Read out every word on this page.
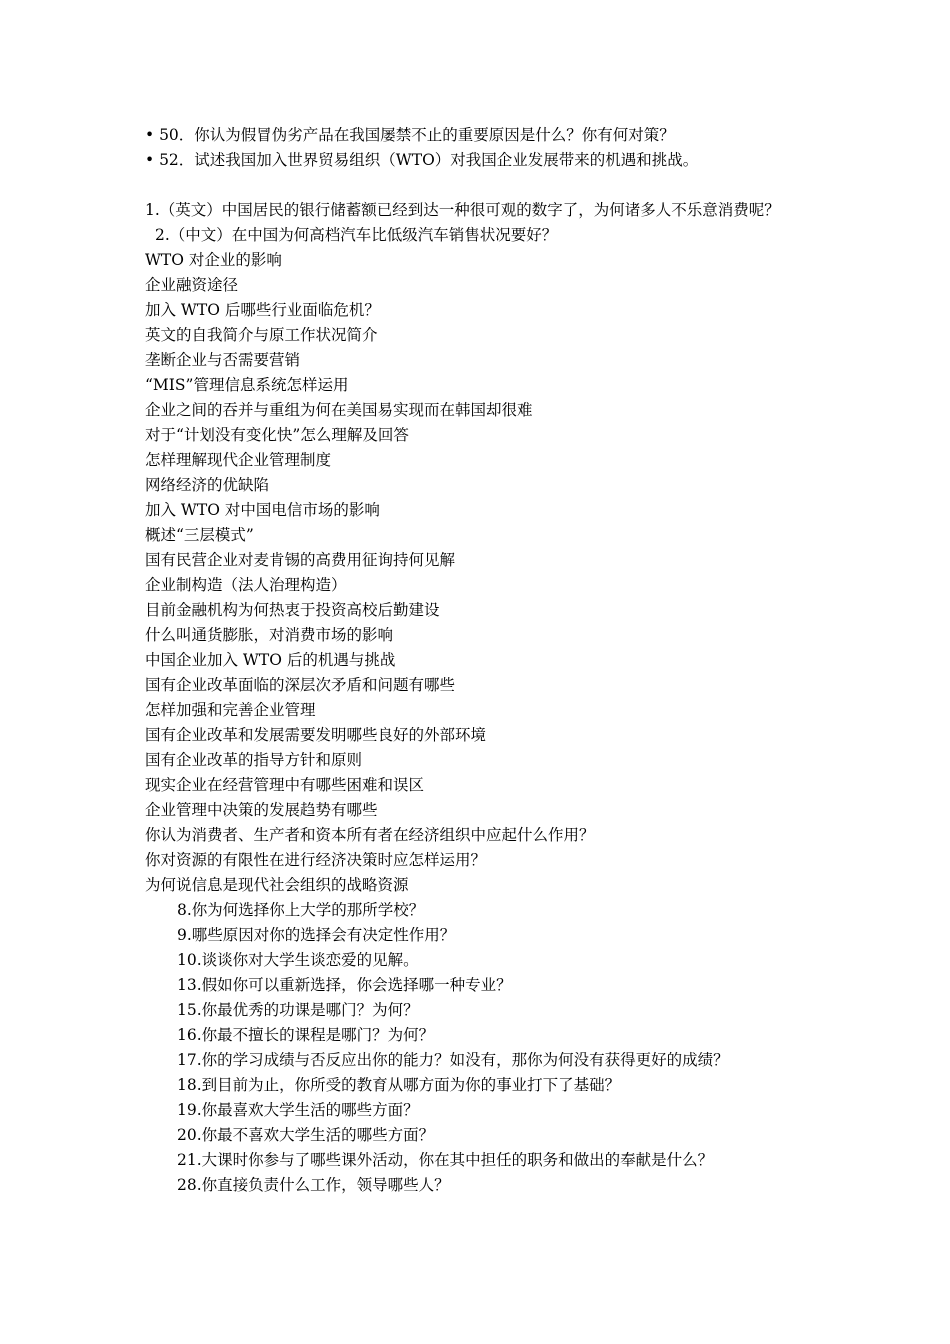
• 50．你认为假冒伪劣产品在我国屡禁不止的重要原因是什么？你有何对策？
• 52．试述我国加入世界贸易组织（WTO）对我国企业发展带来的机遇和挑战。
1.（英文）中国居民的银行储蓄额已经到达一种很可观的数字了，为何诸多人不乐意消费呢？
2.（中文）在中国为何高档汽车比低级汽车销售状况要好？
WTO 对企业的影响
企业融资途径
加入 WTO 后哪些行业面临危机？
英文的自我简介与原工作状况简介
垄断企业与否需要营销
“MIS”管理信息系统怎样运用
企业之间的吞并与重组为何在美国易实现而在韩国却很难
对于“计划没有变化快”怎么理解及回答
怎样理解现代企业管理制度
网络经济的优缺陷
加入 WTO 对中国电信市场的影响
概述“三层模式”
国有民营企业对麦肯锡的高费用征询持何见解
企业制构造（法人治理构造）
目前金融机构为何热衷于投资高校后勤建设
什么叫通货膨胀，对消费市场的影响
中国企业加入 WTO 后的机遇与挑战
国有企业改革面临的深层次矛盾和问题有哪些
怎样加强和完善企业管理
国有企业改革和发展需要发明哪些良好的外部环境
国有企业改革的指导方针和原则
现实企业在经营管理中有哪些困难和误区
企业管理中决策的发展趋势有哪些
你认为消费者、生产者和资本所有者在经济组织中应起什么作用？
你对资源的有限性在进行经济决策时应怎样运用？
为何说信息是现代社会组织的战略资源
8.你为何选择你上大学的那所学校？
9.哪些原因对你的选择会有决定性作用？
10.谈谈你对大学生谈恋爱的见解。
13.假如你可以重新选择，你会选择哪一种专业？
15.你最优秀的功课是哪门？为何？
16.你最不擅长的课程是哪门？为何？
17.你的学习成绩与否反应出你的能力？如没有，那你为何没有获得更好的成绩？
18.到目前为止，你所受的教育从哪方面为你的事业打下了基础？
19.你最喜欢大学生活的哪些方面？
20.你最不喜欢大学生活的哪些方面？
21.大课时你参与了哪些课外活动，你在其中担任的职务和做出的奉献是什么？
28.你直接负责什么工作，领导哪些人？
